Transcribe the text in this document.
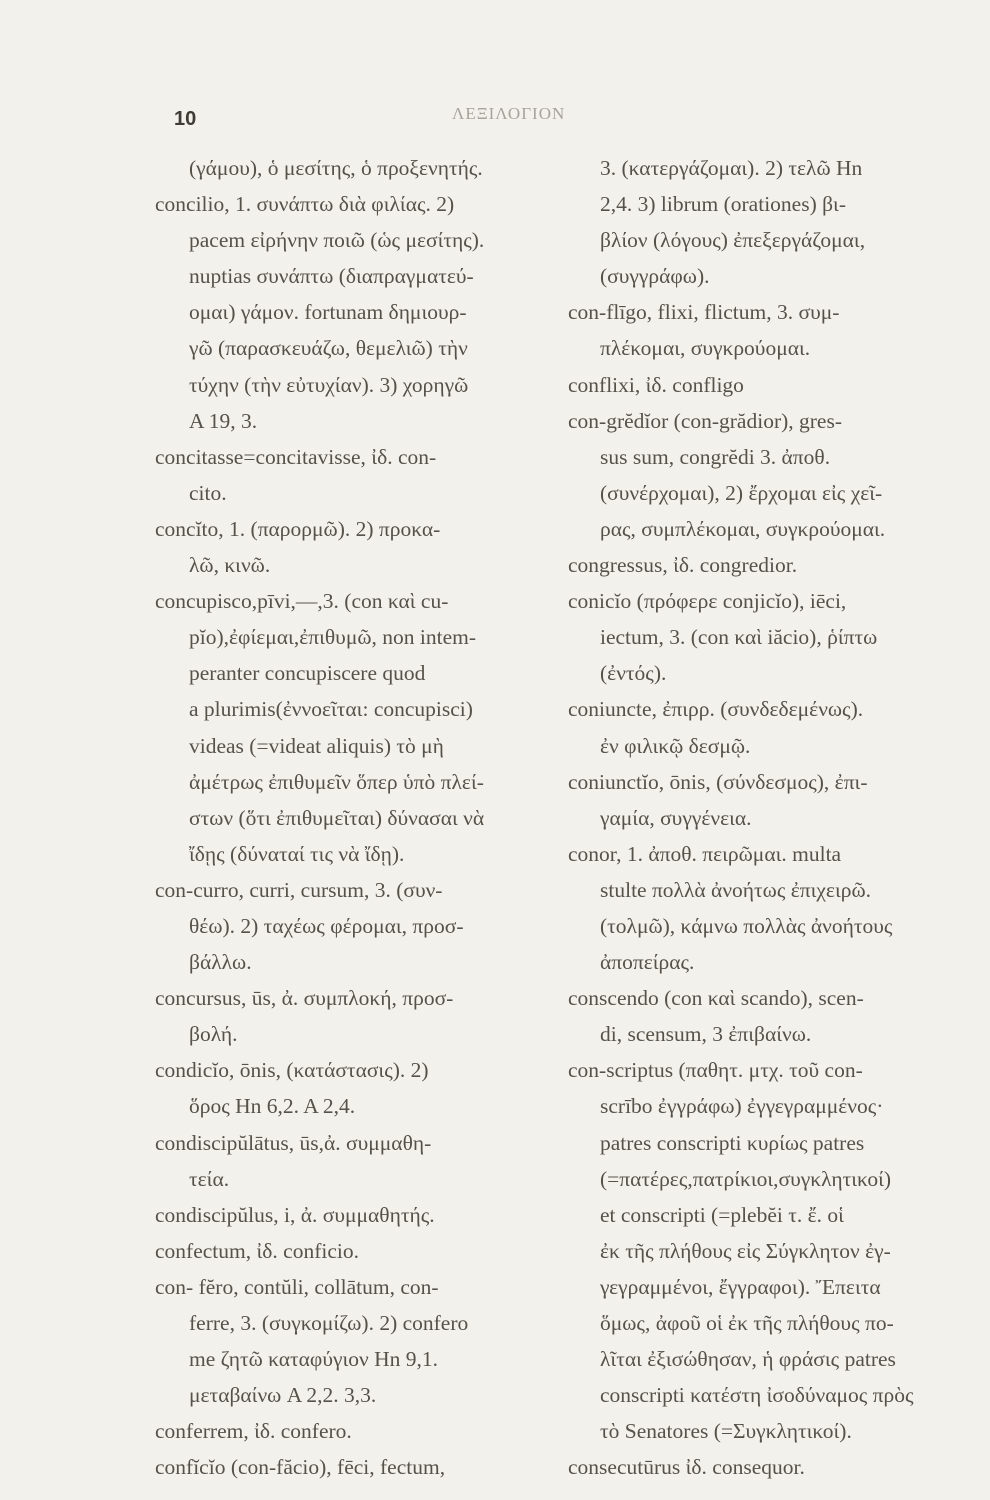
10	ΛΕΞΙΛΟΓΙΟΝ
(γάμου), ὁ μεσίτης, ὁ προξενητής.
conciliо, 1. συνάπτω διὰ φιλίας. 2)
pacem εἰρήνην ποιῶ (ὡς μεσίτης).
nuptias συνάπτω (διαπραγματεύ-
ομαι) γάμον. fortunam δημιουρ-
γῶ (παρασκευάζω, θεμελιῶ) τὴν
τύχην (τὴν εὐτυχίαν). 3) χορηγῶ
A 19, 3.
concitasse=concitavisse, ἰδ. con-
cito.
concĭto, 1. (παρορμῶ). 2) προκα-
λῶ, κινῶ.
concupisco,pīvi,—,3. (con καὶ cu-
pĭo),ἐφίεμαι,ἐπιθυμῶ, non intem-
peranter concupiscere quod
a plurimis(ἐννοεῖται: concupisci)
videas (=videat aliquis) τὸ μὴ
ἀμέτρως ἐπιθυμεῖν ὅπερ ὑπὸ πλεί-
στων (ὅτι ἐπιθυμεῖται) δύνασαι νὰ
ἴδῃς (δύναταί τις νὰ ἴδῃ).
con-curro, curri, cursum, 3. (συν-
θέω). 2) ταχέως φέρομαι, προσ-
βάλλω.
concursus, ūs, ἀ. συμπλοκή, προσ-
βολή.
condicĭo, ōnis, (κατάστασις). 2)
ὅρος Hn 6,2. A 2,4.
condiscipŭlātus, ūs,ἀ. συμμαθη-
τεία.
condiscipŭlus, i, ἀ. συμμαθητής.
confectum, ἰδ. conficio.
con- fĕro, contŭli, collātum, con-
ferre, 3. (συγκομίζω). 2) confero
me ζητῶ καταφύγιον Hn 9,1.
μεταβαίνω A 2,2. 3,3.
conferrem, ἰδ. confero.
confĭcĭo (con-făcio), fēci, fectum,
3. (κατεργάζομαι). 2) τελῶ Hn
2,4. 3) librum (orationes) βι-
βλίον (λόγους) ἐπεξεργάζομαι,
(συγγράφω).
con-flīgo, flixi, flictum, 3. συμ-
πλέκομαι, συγκρούομαι.
conflixi, ἰδ. confligo
con-grĕdĭor (con-grădior), gres-
sus sum, congrĕdi 3. ἀποθ.
(συνέρχομαι), 2) ἔρχομαι εἰς χεῖ-
ρας, συμπλέκομαι, συγκρούομαι.
congressus, ἰδ. congredior.
conicĭo (πρόφερε conjicĭo), iēci,
iectum, 3. (con καὶ iăcio), ῥίπτω
(ἐντός).
coniuncte, ἐπιρρ. (συνδεδεμένως).
ἐν φιλικῷ δεσμῷ.
coniunctĭo, ōnis, (σύνδεσμος), ἐπι-
γαμία, συγγένεια.
conor, 1. ἀποθ. πειρῶμαι. multa
stulte πολλὰ ἀνοήτως ἐπιχειρῶ.
(τολμῶ), κάμνω πολλὰς ἀνοήτους
ἀποπείρας.
conscendo (con καὶ scando), scen-
di, scensum, 3 ἐπιβαίνω.
con-scriptus (παθητ. μτχ. τοῦ con-
scrībo ἐγγράφω) ἐγγεγραμμένος·
patres conscripti κυρίως patres
(=πατέρες,πατρίκιοι,συγκλητικοί)
et conscripti (=plebĕi τ. ἔ. οἱ
ἐκ τῆς πλήθους εἰς Σύγκλητον ἐγ-
γεγραμμένοι, ἔγγραφοι). Ἔπειτα
ὅμως, ἀφοῦ οἱ ἐκ τῆς πλήθους πο-
λῖται ἐξισώθησαν, ἡ φράσις patres
conscripti κατέστη ἰσοδύναμος πρὸς
τὸ Senatores (=Συγκλητικοί).
consecutūrus ἰδ. consequor.
